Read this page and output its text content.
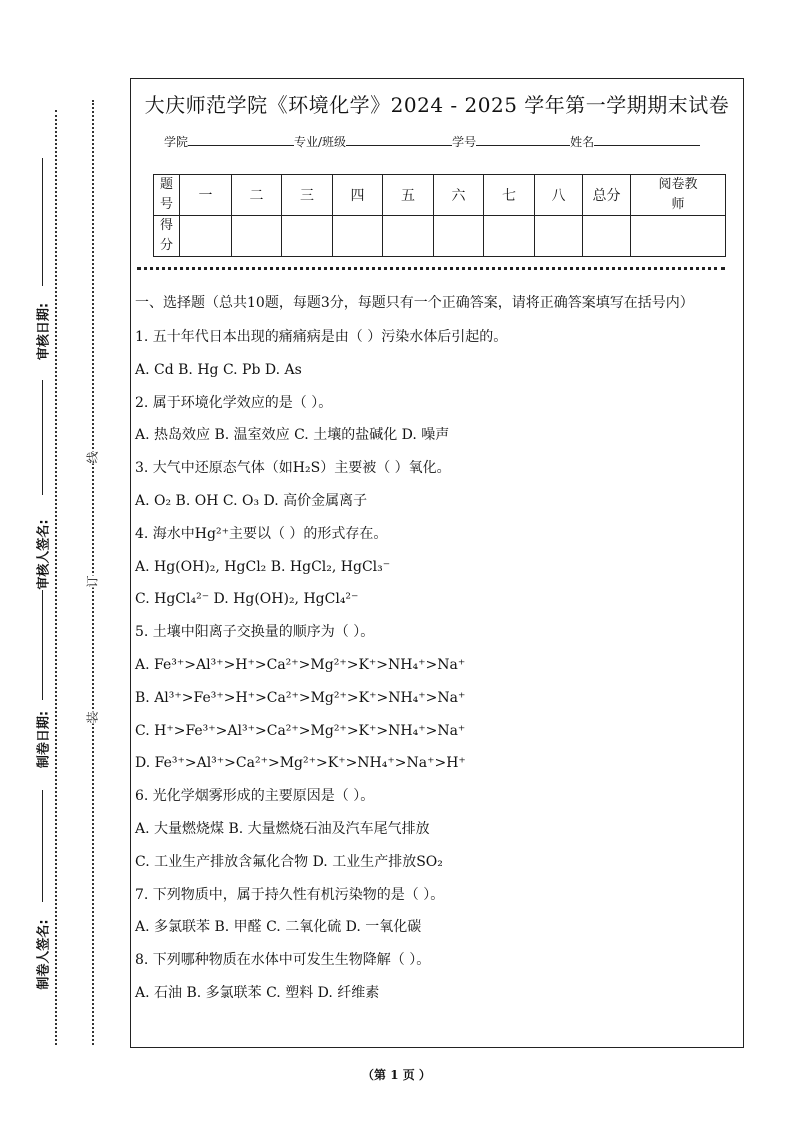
审核日期:
审核人签名:
制卷日期:
制卷人签名:
线
订
装
大庆师范学院《环境化学》2024 - 2025 学年第一学期期末试卷
学院	专业/班级	学号	姓名
题号	一	二	三	四	五	六	七	八	总分	阅卷教师
得分										

一、选择题（总共10题，每题3分，每题只有一个正确答案，请将正确答案填写在括号内）

1. 五十年代日本出现的痛痛病是由（ ）污染水体后引起的。

A. Cd B. Hg C. Pb D. As

2. 属于环境化学效应的是（ ）。

A. 热岛效应 B. 温室效应 C. 土壤的盐碱化 D. 噪声

3. 大气中还原态气体（如H₂S）主要被（ ）氧化。

A. O₂ B. OH C. O₃ D. 高价金属离子

4. 海水中Hg²⁺主要以（ ）的形式存在。

A. Hg(OH)₂, HgCl₂ B. HgCl₂, HgCl₃⁻

C. HgCl₄²⁻ D. Hg(OH)₂, HgCl₄²⁻

5. 土壤中阳离子交换量的顺序为（ ）。

A. Fe³⁺>Al³⁺>H⁺>Ca²⁺>Mg²⁺>K⁺>NH₄⁺>Na⁺

B. Al³⁺>Fe³⁺>H⁺>Ca²⁺>Mg²⁺>K⁺>NH₄⁺>Na⁺

C. H⁺>Fe³⁺>Al³⁺>Ca²⁺>Mg²⁺>K⁺>NH₄⁺>Na⁺

D. Fe³⁺>Al³⁺>Ca²⁺>Mg²⁺>K⁺>NH₄⁺>Na⁺>H⁺

6. 光化学烟雾形成的主要原因是（ ）。

A. 大量燃烧煤 B. 大量燃烧石油及汽车尾气排放

C. 工业生产排放含氟化合物 D. 工业生产排放SO₂

7. 下列物质中，属于持久性有机污染物的是（ ）。

A. 多氯联苯 B. 甲醛 C. 二氧化硫 D. 一氧化碳

8. 下列哪种物质在水体中可发生生物降解（ ）。

A. 石油 B. 多氯联苯 C. 塑料 D. 纤维素

（第 1 页 ）
